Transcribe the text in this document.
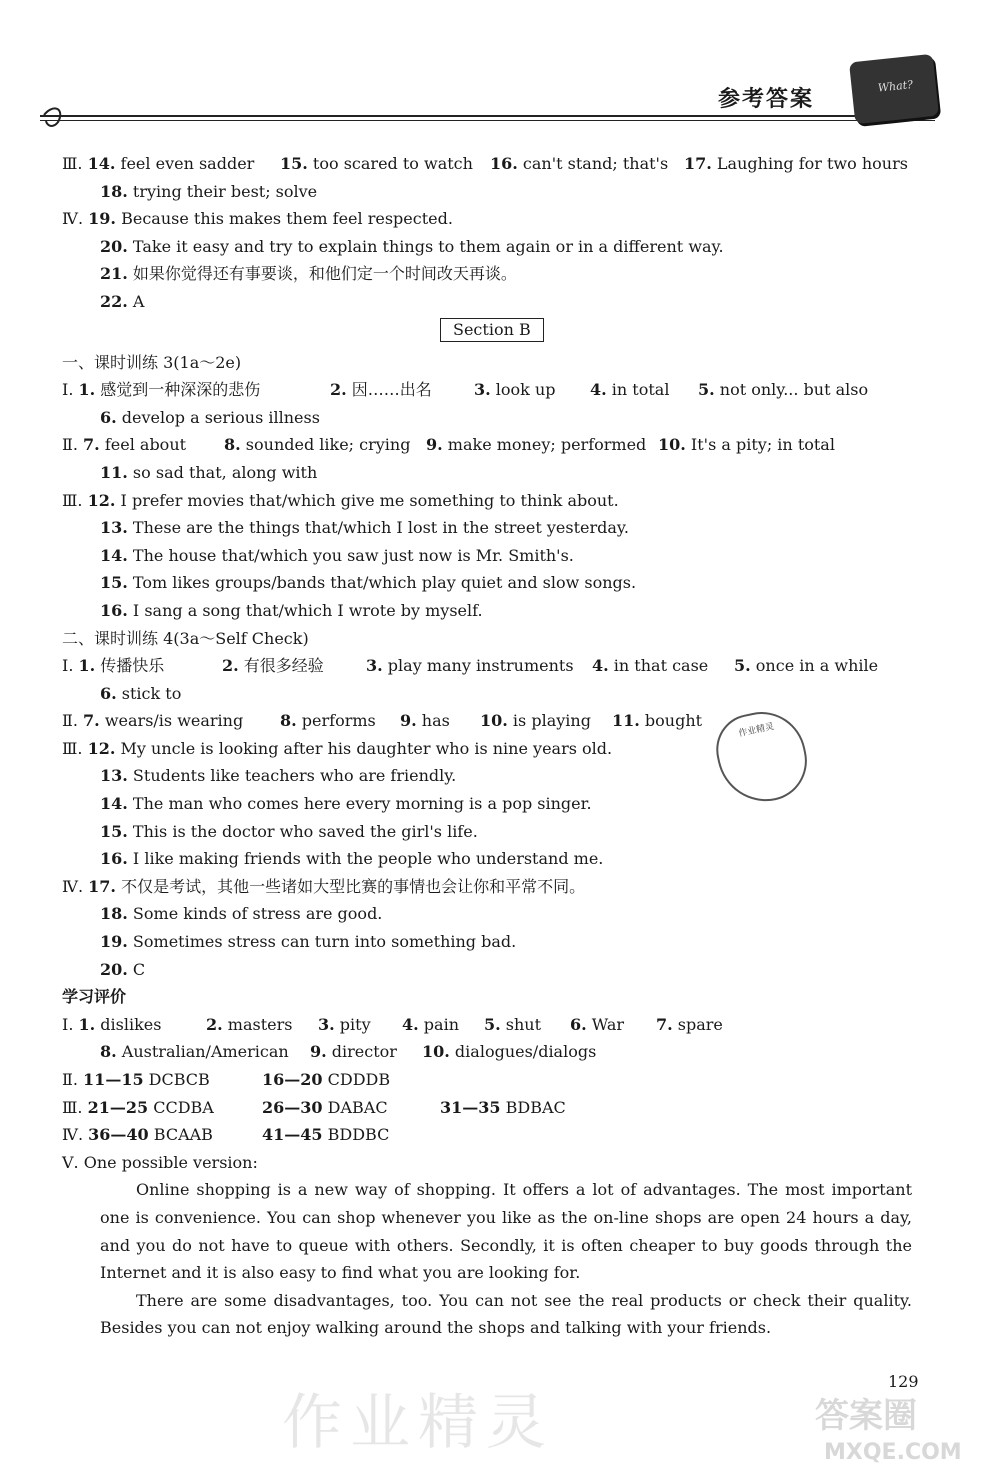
参考答案	What?
Ⅲ. 14. feel even sadder 15. too scared to watch 16. can't stand; that's 17. Laughing for two hours
18. trying their best; solve
Ⅳ. 19. Because this makes them feel respected.
20. Take it easy and try to explain things to them again or in a different way.
21. 如果你觉得还有事要谈，和他们定一个时间改天再谈。
22. A
Section B
一、课时训练 3(1a～2e)
Ⅰ. 1. 感觉到一种深深的悲伤	2. 因……出名	3. look up 4. in total 5. not only... but also
6. develop a serious illness
Ⅱ. 7. feel about 8. sounded like; crying 9. make money; performed 10. It's a pity; in total
11. so sad that, along with
Ⅲ. 12. I prefer movies that/which give me something to think about.
13. These are the things that/which I lost in the street yesterday.
14. The house that/which you saw just now is Mr. Smith's.
15. Tom likes groups/bands that/which play quiet and slow songs.
16. I sang a song that/which I wrote by myself.
二、课时训练 4(3a～Self Check)
Ⅰ. 1. 传播快乐	2. 有很多经验	3. play many instruments 4. in that case 5. once in a while
6. stick to
Ⅱ. 7. wears/is wearing 8. performs 9. has 10. is playing 11. bought
Ⅲ. 12. My uncle is looking after his daughter who is nine years old.
13. Students like teachers who are friendly.
14. The man who comes here every morning is a pop singer.
15. This is the doctor who saved the girl's life.
16. I like making friends with the people who understand me.
Ⅳ. 17. 不仅是考试，其他一些诸如大型比赛的事情也会让你和平常不同。
18. Some kinds of stress are good.
19. Sometimes stress can turn into something bad.
20. C
学习评价
Ⅰ. 1. dislikes	2. masters 3. pity 4. pain 5. shut 6. War 7. spare
8. Australian/American 9. director 10. dialogues/dialogs
Ⅱ. 11—15 DCBCB	16—20 CDDDB
Ⅲ. 21—25 CCDBA	26—30 DABAC	31—35 BDBAC
Ⅳ. 36—40 BCAAB	41—45 BDDBC
Ⅴ. One possible version:

Online shopping is a new way of shopping. It offers a lot of advantages. The most important one is convenience. You can shop whenever you like as the on-line shops are open 24 hours a day, and you do not have to queue with others. Secondly, it is often cheaper to buy goods through the Internet and it is also easy to find what you are looking for.

There are some disadvantages, too. You can not see the real products or check their quality. Besides you can not enjoy walking around the shops and talking with your friends.

作业精灵
作业精灵	答案圈
MXQE.COM
129
